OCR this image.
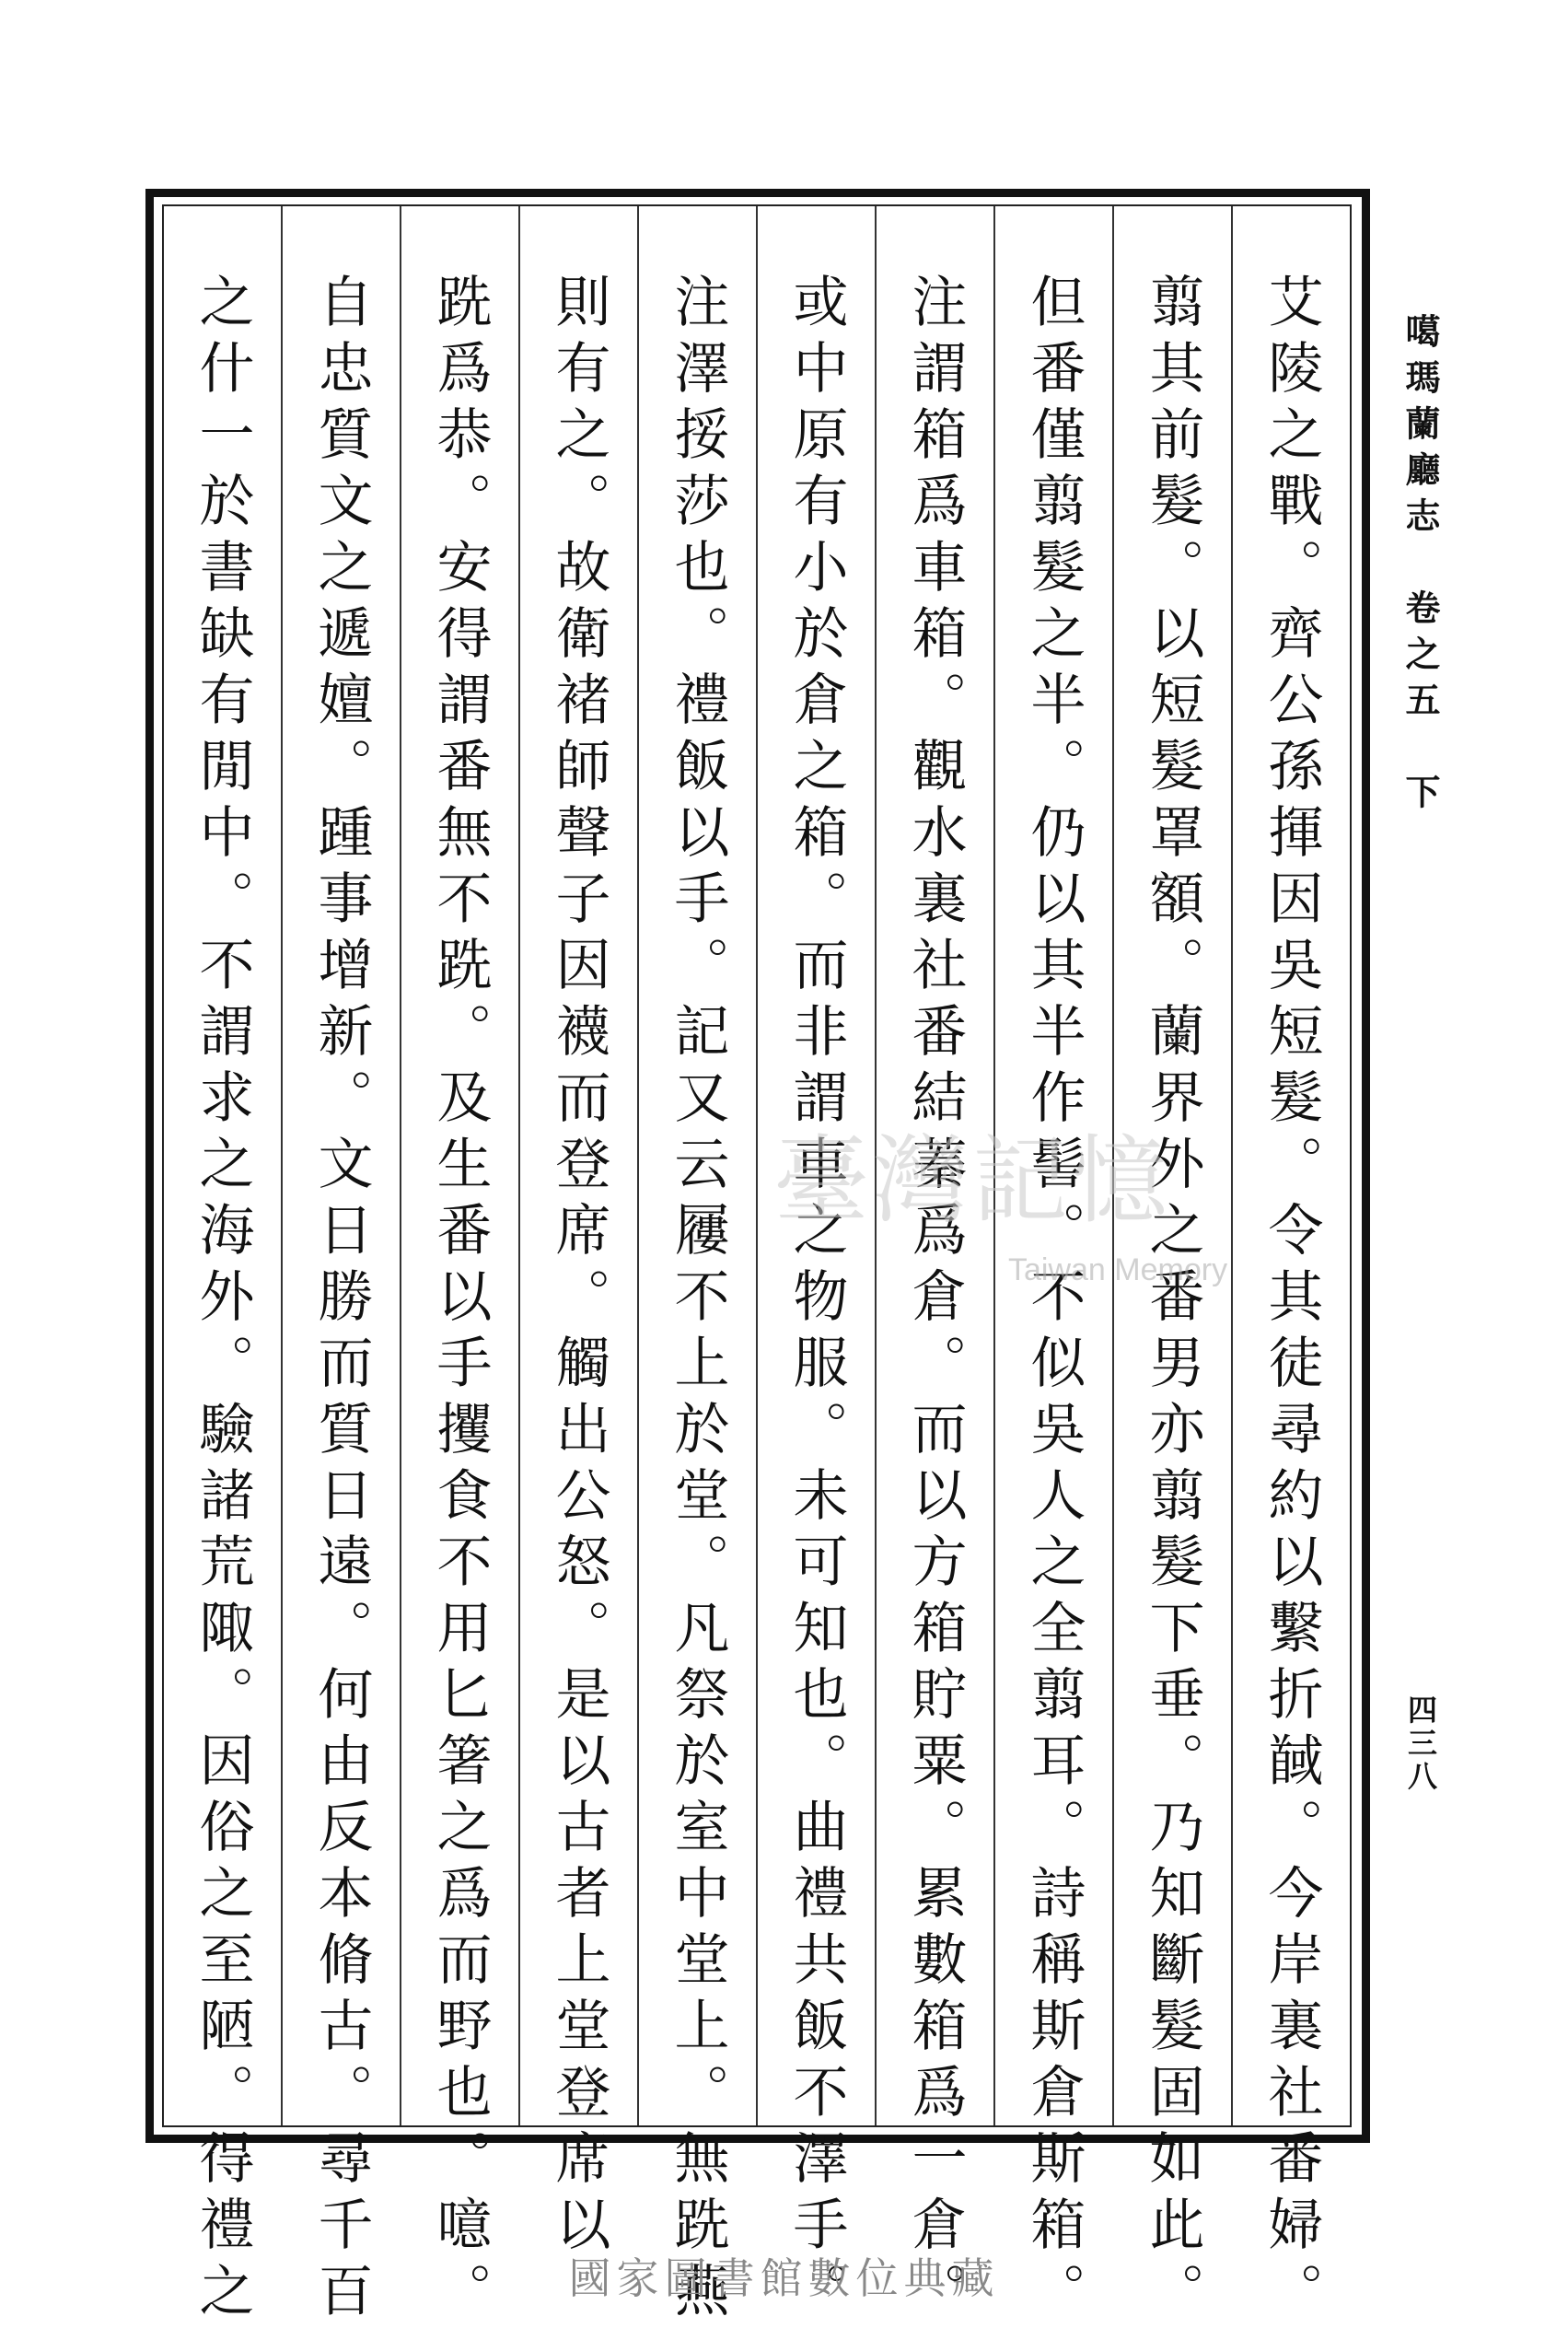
艾陵之戰。齊公孫揮因吳短髮。令其徒尋約以繫折馘。今岸裏社番婦。
翦其前髮。以短髮罩額。蘭界外之番男亦翦髮下垂。乃知斷髮固如此。
但番僅翦髮之半。仍以其半作髻。不似吳人之全翦耳。詩稱斯倉斯箱。
注謂箱爲車箱。觀水裏社番結蓁爲倉。而以方箱貯粟。累數箱爲一倉。
或中原有小於倉之箱。而非謂車之物服。未可知也。曲禮共飯不澤手。
注澤挼莎也。禮飯以手。記又云屨不上於堂。凡祭於室中堂上。無跣燕
則有之。故衛褚師聲子因襪而登席。觸出公怒。是以古者上堂登席以
跣爲恭。安得謂番無不跣。及生番以手攫食不用匕箸之爲而野也。噫。
自忠質文之遞嬗。踵事增新。文日勝而質日遠。何由反本脩古。尋千百
之什一於書缺有閒中。不謂求之海外。驗諸荒陬。因俗之至陋。得禮之	噶瑪蘭廳志　卷之五　下
四三八
臺灣記憶
Taiwan Memory
國家圖書館數位典藏
